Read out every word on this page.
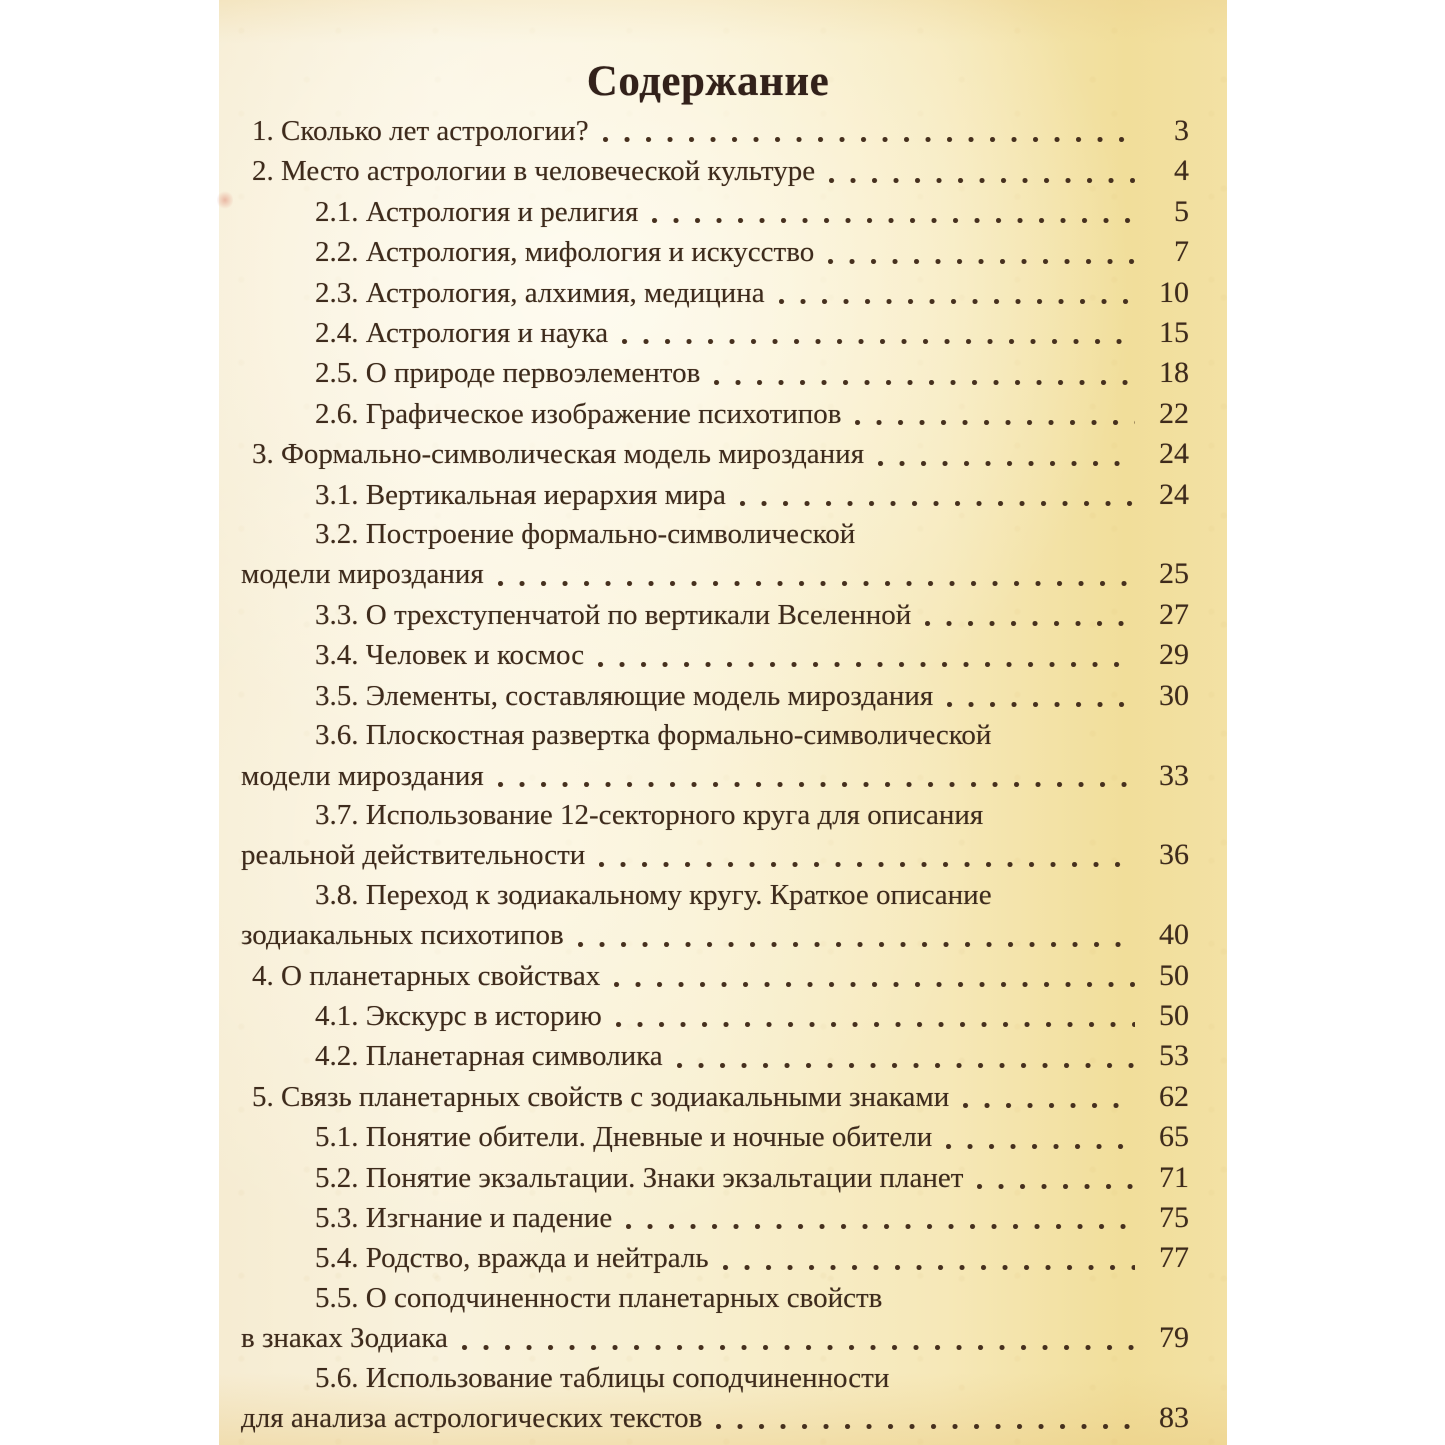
Содержание
1. Сколько лет астрологии?	3
2. Место астрологии в человеческой культуре	4
2.1. Астрология и религия	5
2.2. Астрология, мифология и искусство	7
2.3. Астрология, алхимия, медицина	10
2.4. Астрология и наука	15
2.5. О природе первоэлементов	18
2.6. Графическое изображение психотипов	22
3. Формально-символическая модель мироздания	24
3.1. Вертикальная иерархия мира	24
3.2. Построение формально-символической
модели мироздания	25
3.3. О трехступенчатой по вертикали Вселенной	27
3.4. Человек и космос	29
3.5. Элементы, составляющие модель мироздания	30
3.6. Плоскостная развертка формально-символической
модели мироздания	33
3.7. Использование 12-секторного круга для описания
реальной действительности	36
3.8. Переход к зодиакальному кругу. Краткое описание
зодиакальных психотипов	40
4. О планетарных свойствах	50
4.1. Экскурс в историю	50
4.2. Планетарная символика	53
5. Связь планетарных свойств с зодиакальными знаками	62
5.1. Понятие обители. Дневные и ночные обители	65
5.2. Понятие экзальтации. Знаки экзальтации планет	71
5.3. Изгнание и падение	75
5.4. Родство, вражда и нейтраль	77
5.5. О соподчиненности планетарных свойств
в знаках Зодиака	79
5.6. Использование таблицы соподчиненности
для анализа астрологических текстов	83
